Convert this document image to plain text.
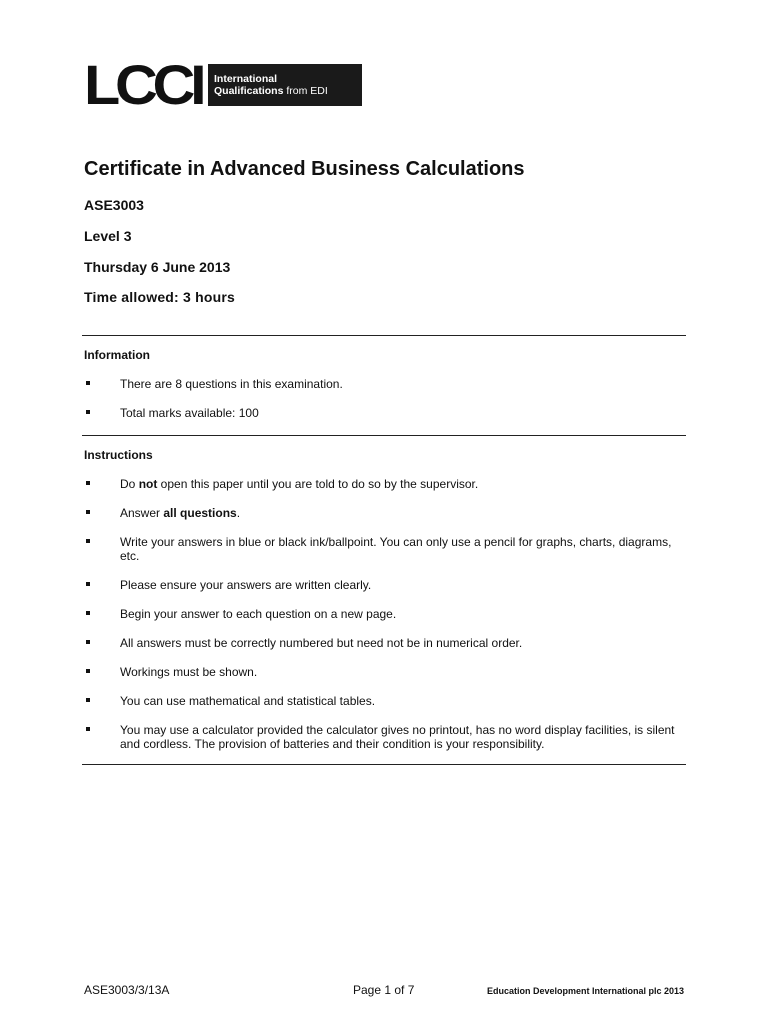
LCCI	International
Qualifications from EDI
Certificate in Advanced Business Calculations

ASE3003

Level 3

Thursday 6 June 2013

Time allowed: 3 hours

Information

There are 8 questions in this examination.
Total marks available: 100

Instructions

Do not open this paper until you are told to do so by the supervisor.
Answer all questions.
Write your answers in blue or black ink/ballpoint. You can only use a pencil for graphs, charts, diagrams, etc.
Please ensure your answers are written clearly.
Begin your answer to each question on a new page.
All answers must be correctly numbered but need not be in numerical order.
Workings must be shown.
You can use mathematical and statistical tables.
You may use a calculator provided the calculator gives no printout, has no word display facilities, is silent and cordless. The provision of batteries and their condition is your responsibility.
ASE3003/3/13A	Page 1 of 7	Education Development International plc 2013
